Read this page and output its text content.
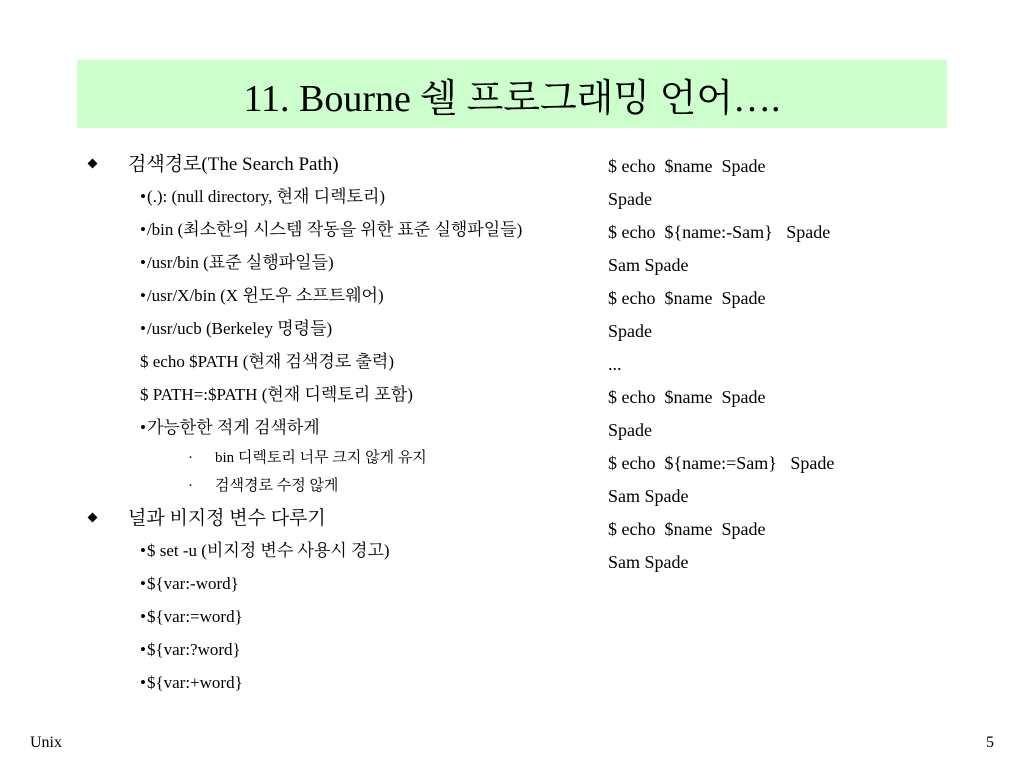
11. Bourne 쉘 프로그래밍 언어….
검색경로(The Search Path)
•(.): (null directory, 현재 디렉토리)
•/bin (최소한의 시스템 작동을 위한 표준 실행파일들)
•/usr/bin (표준 실행파일들)
•/usr/X/bin (X 윈도우 소프트웨어)
•/usr/ucb (Berkeley 명령들)
$ echo $PATH (현재 검색경로 출력)
$ PATH=:$PATH (현재 디렉토리 포함)
•가능한한 적게 검색하게
· bin 디렉토리 너무 크지 않게 유지
· 검색경로 수정 않게
널과 비지정 변수 다루기
•$ set -u (비지정 변수 사용시 경고)
•${var:-word}
•${var:=word}
•${var:?word}
•${var:+word}
$ echo  $name  Spade
Spade
$ echo  ${name:-Sam}   Spade
Sam Spade
$ echo  $name  Spade
Spade
...
$ echo  $name  Spade
Spade
$ echo  ${name:=Sam}   Spade
Sam Spade
$ echo  $name  Spade
Sam Spade
Unix	5
